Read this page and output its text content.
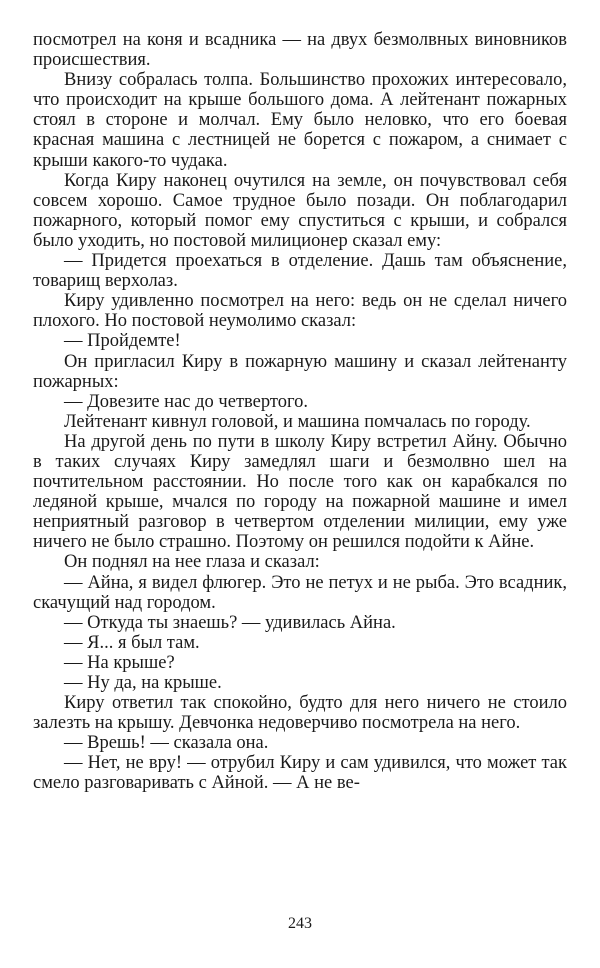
посмотрел на коня и всадника — на двух безмолвных виновников происшествия.

Внизу собралась толпа. Большинство прохожих интересовало, что происходит на крыше большого дома. А лейтенант пожарных стоял в стороне и молчал. Ему было неловко, что его боевая красная машина с лестницей не борется с пожаром, а снимает с крыши какого-то чудака.

Когда Киру наконец очутился на земле, он почувствовал себя совсем хорошо. Самое трудное было позади. Он поблагодарил пожарного, который помог ему спуститься с крыши, и собрался было уходить, но постовой милиционер сказал ему:

— Придется проехаться в отделение. Дашь там объяснение, товарищ верхолаз.

Киру удивленно посмотрел на него: ведь он не сделал ничего плохого. Но постовой неумолимо сказал:

— Пройдемте!

Он пригласил Киру в пожарную машину и сказал лейтенанту пожарных:

— Довезите нас до четвертого.

Лейтенант кивнул головой, и машина помчалась по городу.

На другой день по пути в школу Киру встретил Айну. Обычно в таких случаях Киру замедлял шаги и безмолвно шел на почтительном расстоянии. Но после того как он карабкался по ледяной крыше, мчался по городу на пожарной машине и имел неприятный разговор в четвертом отделении милиции, ему уже ничего не было страшно. Поэтому он решился подойти к Айне.

Он поднял на нее глаза и сказал:

— Айна, я видел флюгер. Это не петух и не рыба. Это всадник, скачущий над городом.

— Откуда ты знаешь? — удивилась Айна.

— Я... я был там.

— На крыше?

— Ну да, на крыше.

Киру ответил так спокойно, будто для него ничего не стоило залезть на крышу. Девчонка недоверчиво посмотрела на него.

— Врешь! — сказала она.

— Нет, не вру! — отрубил Киру и сам удивился, что может так смело разговаривать с Айной. — А не ве-

243
